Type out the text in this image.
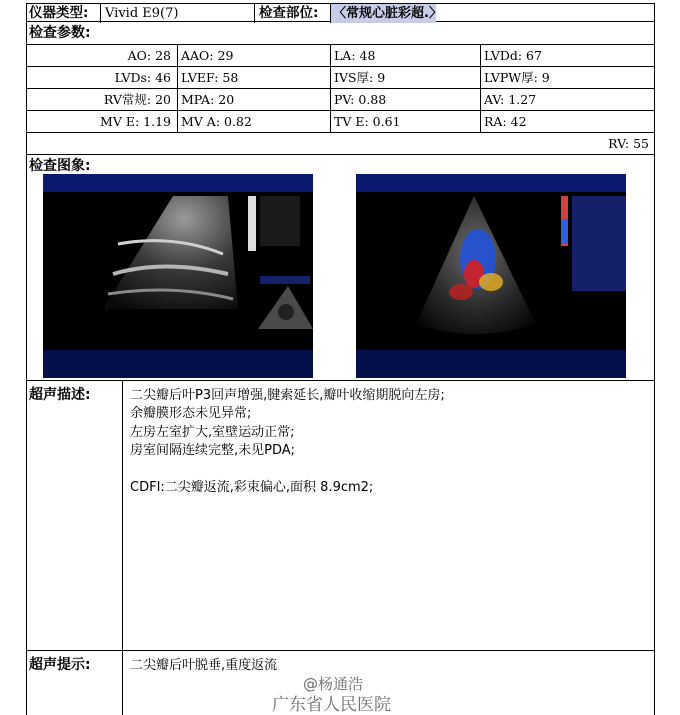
仪器类型:	Vivid E9(7)	检查部位:	〈常规心脏彩超.〉
检查参数:
AO: 28 AAO: 29	LA: 48	LVDd: 67
LVDs: 46 LVEF: 58	IVS厚: 9	LVPW厚: 9
RV常规: 20 MPA: 20	PV: 0.88	AV: 1.27
MV E: 1.19 MV A: 0.82	TV E: 0.61	RA: 42
RV: 55
检查图象:
超声描述:	二尖瓣后叶P3回声增强,腱索延长,瓣叶收缩期脱向左房;
余瓣膜形态未见异常;
左房左室扩大,室壁运动正常;
房室间隔连续完整,未见PDA;
CDFI:二尖瓣返流,彩束偏心,面积 8.9cm2;
超声提示:	二尖瓣后叶脱垂,重度返流
@杨通浩
广东省人民医院
